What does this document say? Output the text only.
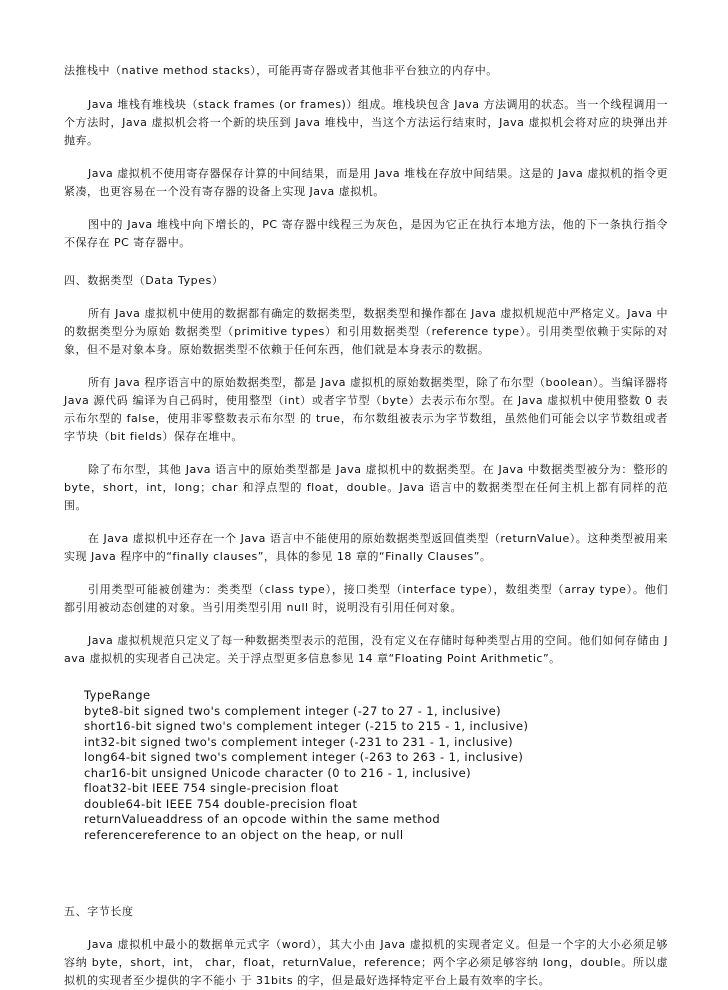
法推栈中（native method stacks），可能再寄存器或者其他非平台独立的内存中。

Java 堆栈有堆栈块（stack frames (or frames)）组成。堆栈块包含 Java 方法调用的状态。当一个线程调用一个方法时，Java 虚拟机会将一个新的块压到 Java 堆栈中，当这个方法运行结束时，Java 虚拟机会将对应的块弹出并抛弃。

Java 虚拟机不使用寄存器保存计算的中间结果，而是用 Java 堆栈在存放中间结果。这是的 Java 虚拟机的指令更紧凑，也更容易在一个没有寄存器的设备上实现 Java 虚拟机。

图中的 Java 堆栈中向下增长的，PC 寄存器中线程三为灰色，是因为它正在执行本地方法，他的下一条执行指令不保存在 PC 寄存器中。

四、数据类型（Data Types）

所有 Java 虚拟机中使用的数据都有确定的数据类型，数据类型和操作都在 Java 虚拟机规范中严格定义。Java 中的数据类型分为原始 数据类型（primitive types）和引用数据类型（reference type）。引用类型依赖于实际的对象，但不是对象本身。原始数据类型不依赖于任何东西，他们就是本身表示的数据。

所有 Java 程序语言中的原始数据类型，都是 Java 虚拟机的原始数据类型，除了布尔型（boolean）。当编译器将 Java 源代码 编译为自己码时，使用整型（int）或者字节型（byte）去表示布尔型。在 Java 虚拟机中使用整数 0 表示布尔型的 false，使用非零整数表示布尔型 的 true，布尔数组被表示为字节数组，虽然他们可能会以字节数组或者字节块（bit fields）保存在堆中。

除了布尔型，其他 Java 语言中的原始类型都是 Java 虚拟机中的数据类型。在 Java 中数据类型被分为：整形的 byte，short，int，long；char 和浮点型的 float，double。Java 语言中的数据类型在任何主机上都有同样的范围。

在 Java 虚拟机中还存在一个 Java 语言中不能使用的原始数据类型返回值类型（returnValue）。这种类型被用来实现 Java 程序中的“finally clauses”，具体的参见 18 章的“Finally Clauses”。

引用类型可能被创建为：类类型（class type），接口类型（interface type），数组类型（array type）。他们都引用被动态创建的对象。当引用类型引用 null 时，说明没有引用任何对象。

Java 虚拟机规范只定义了每一种数据类型表示的范围，没有定义在存储时每种类型占用的空间。他们如何存储由 Java 虚拟机的实现者自己决定。关于浮点型更多信息参见 14 章“Floating Point Arithmetic”。

TypeRange
byte8-bit signed two's complement integer (-27 to 27 - 1, inclusive)
short16-bit signed two's complement integer (-215 to 215 - 1, inclusive)
int32-bit signed two's complement integer (-231 to 231 - 1, inclusive)
long64-bit signed two's complement integer (-263 to 263 - 1, inclusive)
char16-bit unsigned Unicode character (0 to 216 - 1, inclusive)
float32-bit IEEE 754 single-precision float
double64-bit IEEE 754 double-precision float
returnValueaddress of an opcode within the same method
referencereference to an object on the heap, or null

五、字节长度

Java 虚拟机中最小的数据单元式字（word），其大小由 Java 虚拟机的实现者定义。但是一个字的大小必须足够容纳 byte，short，int， char，float，returnValue，reference；两个字必须足够容纳 long，double。所以虚拟机的实现者至少提供的字不能小 于 31bits 的字，但是最好选择特定平台上最有效率的字长。
